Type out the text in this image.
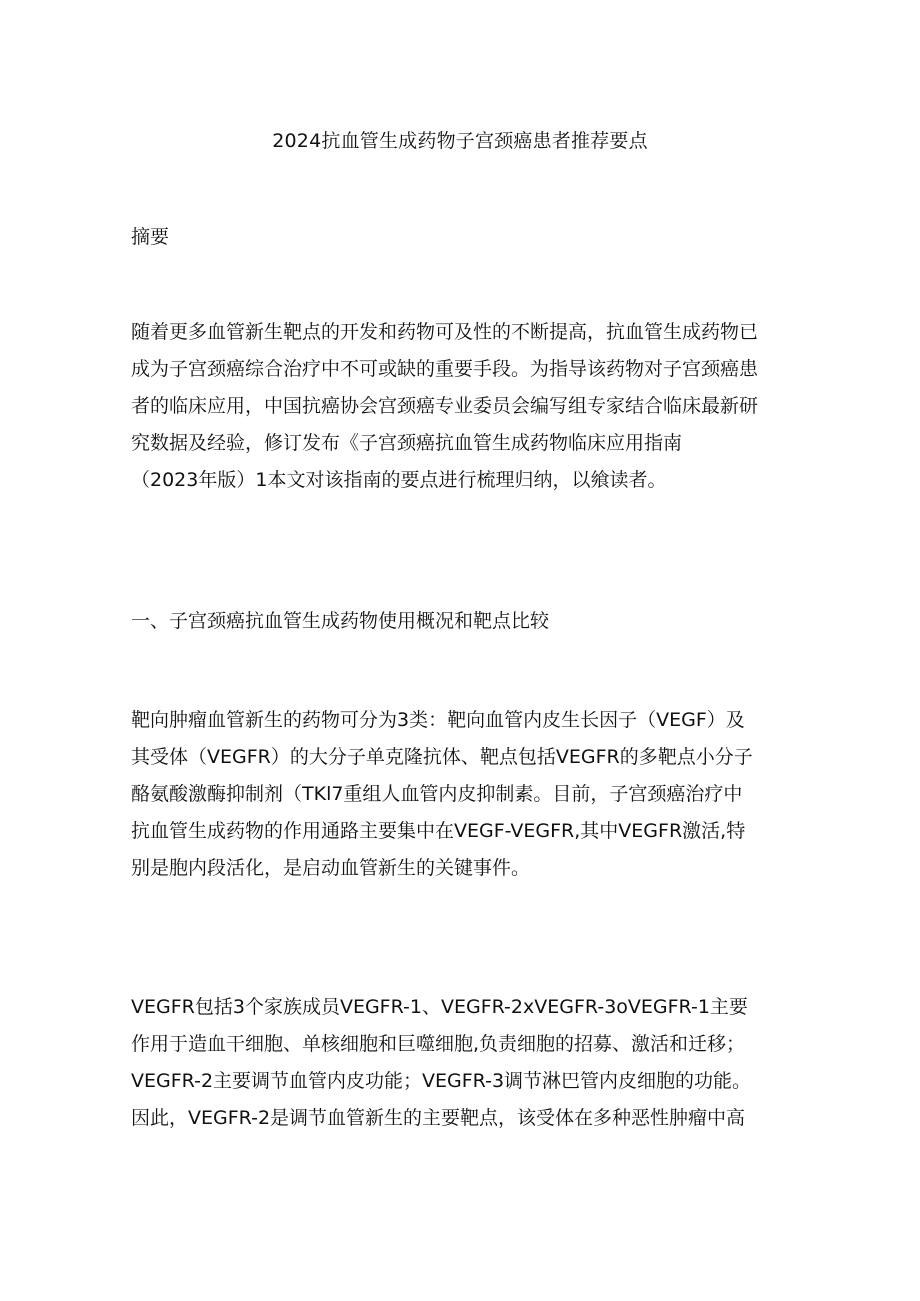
2024抗血管生成药物子宫颈癌患者推荐要点
摘要
随着更多血管新生靶点的开发和药物可及性的不断提高，抗血管生成药物已
成为子宫颈癌综合治疗中不可或缺的重要手段。为指导该药物对子宫颈癌患
者的临床应用，中国抗癌协会宫颈癌专业委员会编写组专家结合临床最新研
究数据及经验，修订发布《子宫颈癌抗血管生成药物临床应用指南
（2023年版）1本文对该指南的要点进行梳理归纳，以飨读者。
一、子宫颈癌抗血管生成药物使用概况和靶点比较
靶向肿瘤血管新生的药物可分为3类：靶向血管内皮生长因子（VEGF）及
其受体（VEGFR）的大分子单克隆抗体、靶点包括VEGFR的多靶点小分子
酪氨酸激酶抑制剂（TKl7重组人血管内皮抑制素。目前，子宫颈癌治疗中
抗血管生成药物的作用通路主要集中在VEGF-VEGFR,其中VEGFR激活,特
别是胞内段活化，是启动血管新生的关键事件。
VEGFR包括3个家族成员VEGFR-1、VEGFR-2xVEGFR-3oVEGFR-1主要
作用于造血干细胞、单核细胞和巨噬细胞,负责细胞的招募、激活和迁移；
VEGFR-2主要调节血管内皮功能；VEGFR-3调节淋巴管内皮细胞的功能。
因此，VEGFR-2是调节血管新生的主要靶点，该受体在多种恶性肿瘤中高
